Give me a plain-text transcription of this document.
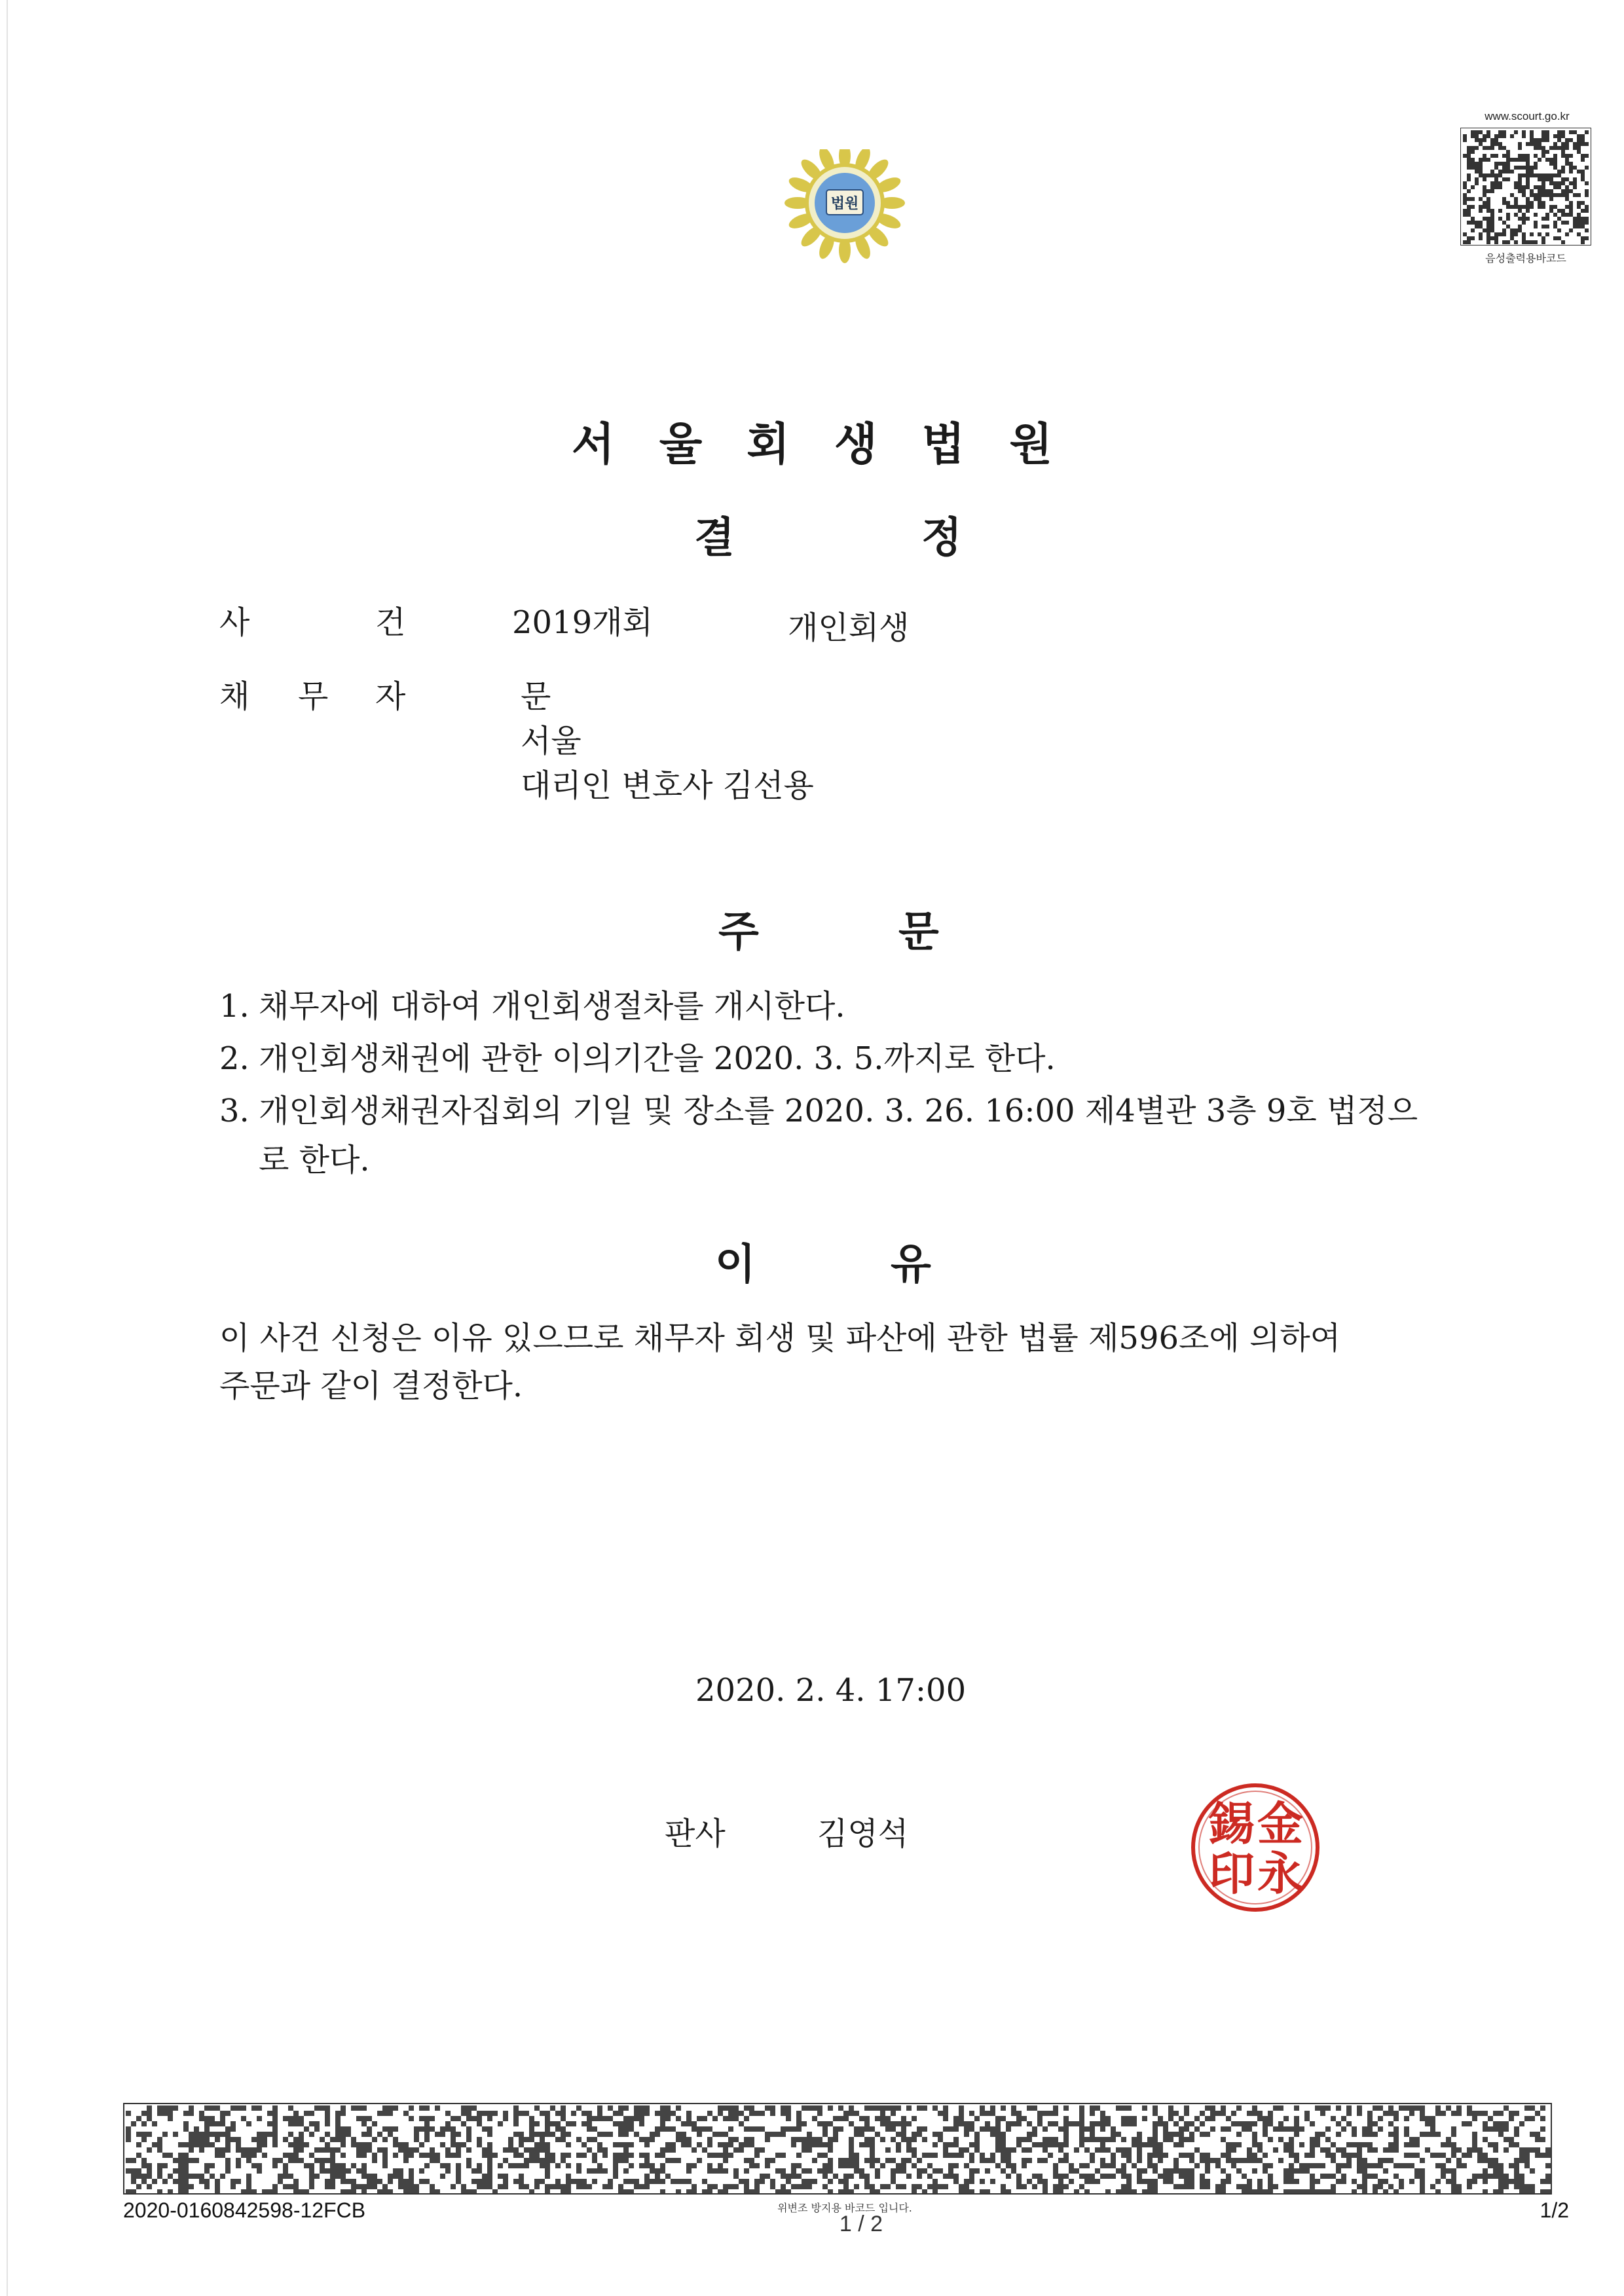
법원
www.scourt.go.kr
음성출력용바코드
서  울  회  생  법  원
결	정
사	건	2019개회	개인회생
채 무 자	문
서울
대리인 변호사 김선용
주	문
1. 채무자에 대하여 개인회생절차를 개시한다.
2. 개인회생채권에 관한 이의기간을 2020. 3. 5.까지로 한다.
3. 개인회생채권자집회의 기일 및 장소를 2020. 3. 26. 16:00 제4별관 3층 9호 법정으
로 한다.
이	유
이 사건 신청은 이유 있으므로 채무자 회생 및 파산에 관한 법률 제596조에 의하여
주문과 같이 결정한다.
2020. 2. 4. 17:00
판사	김영석	金
永
錫
印
2020-0160842598-12FCB	위변조 방지용 바코드 입니다.
1 / 2
1/2
